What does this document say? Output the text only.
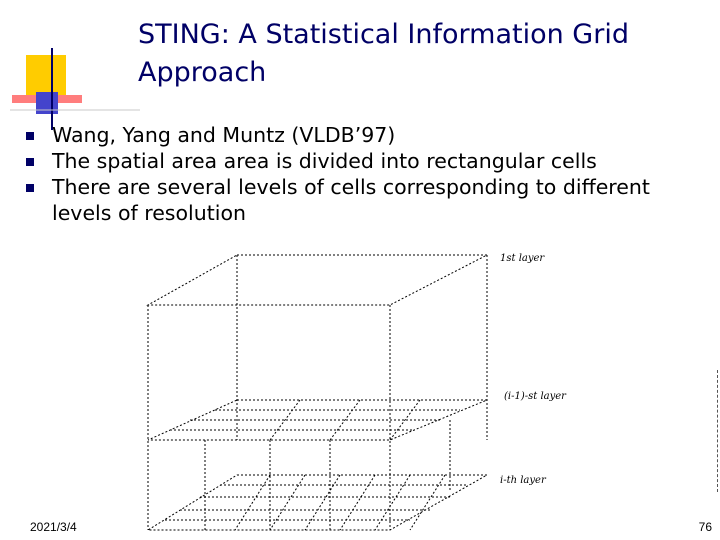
STING: A Statistical Information Grid Approach
Wang, Yang and Muntz (VLDB’97)
The spatial area area is divided into rectangular cells
There are several levels of cells corresponding to different levels of resolution
1st layer
(i-1)-st layer
i-th layer
2021/3/4	76
